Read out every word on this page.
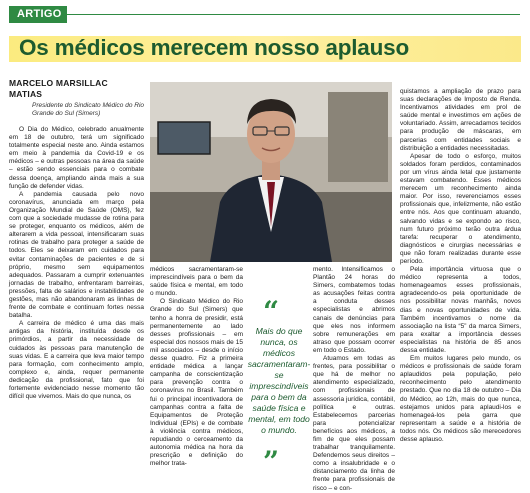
ARTIGO
Os médicos merecem nosso aplauso
MARCELO MARSILLAC MATIAS
Presidente do Sindicato Médico do Rio Grande do Sul (Simers)

O Dia do Médico, celebrado anualmente em 18 de outubro, terá um significado totalmente especial neste ano. Ainda estamos em meio à pandemia da Covid-19 e os médicos – e outras pessoas na área da saúde – estão sendo essenciais para o combate dessa doença, ampliando ainda mais a sua função de defender vidas.

A pandemia causada pelo novo coronavírus, anunciada em março pela Organização Mundial de Saúde (OMS), fez com que a sociedade mudasse de rotina para se proteger, enquanto os médicos, além de alterarem a vida pessoal, intensificaram suas rotinas de trabalho para proteger a saúde de todos. Eles se deixaram em cuidados para evitar contaminações de pacientes e de si próprio, mesmo sem equipamentos adequados. Passaram a cumprir extenuantes jornadas de trabalho, enfrentaram barreiras, pressões, falta de salários e instabilidades de gestões, mas não abandonaram as linhas de frente de combate e continuam fortes nessa batalha.

A carreira de médico é uma das mais antigas da história, instituída desde os primórdios, a partir da necessidade de cuidados às pessoas para manutenção de suas vidas. E a carreira que leva maior tempo para formação, com conhecimento amplo, complexo e, ainda, requer permanente dedicação da profissional, fato que foi fortemente evidenciado nesse momento tão difícil que vivemos. Mais do que nunca, os

médicos sacramentaram-se imprescindíveis para o bem da saúde física e mental, em todo o mundo.

O Sindicato Médico do Rio Grande do Sul (Simers) que tenho a honra de presidir, está permanentemente ao lado desses profissionais – em especial dos nossos mais de 15 mil associados – desde o início desse quadro. Fiz a primeira entidade médica a lançar campanha de conscientização para prevenção contra o coronavírus no Brasil. Também fui o principal incentivadora de campanhas contra a falta de Equipamentos de Proteção Individual (EPIs) e de combate à violência contra médicos, repudiando o cerceamento da autonomia médica na hora da prescrição e definição do melhor trata-

“
Mais do que nunca, os médicos sacramentaram-se imprescindíveis para o bem da saúde física e mental, em todo o mundo.
”

mento. Intensificamos o Plantão 24 horas do Simers, combatemos todas as acusações feitas contra a conduta desses especialistas e abrimos canais de denúncias para que eles nos informem sobre remunerações em atraso que possam ocorrer em todo o Estado.

Atuamos em todas as frentes, para possibilitar o que há de melhor no atendimento especializado, com profissionais de assessoria jurídica, contábil, política e outras. Estabelecemos parcerias para potencializar benefícios aos médicos, a fim de que eles possam trabalhar tranquilamente. Defendemos seus direitos – como a insalubridade e o distanciamento da linha de frente para profissionais de risco – e con-

quistamos a ampliação de prazo para suas declarações de Imposto de Renda. Incentivamos atividades em prol de saúde mental e investimos em ações de voluntariado. Assim, arrecadamos tecidos para produção de máscaras, em parcerias com entidades sociais e distribuição a entidades necessitadas.

Apesar de todo o esforço, muitos soldados foram perdidos, contaminados por um vírus ainda letal que justamente estavam combatendo. Esses médicos merecem um reconhecimento ainda maior. Por isso, reverenciamos esses profissionais que, infelizmente, não estão entre nós. Aos que continuam atuando, salvando vidas e se expondo ao risco, num futuro próximo terão outra árdua tarefa: recuperar o atendimento, diagnósticos e cirurgias necessárias e que não foram realizadas durante esse período.

Pela importância virtuosa que o médico representa a todos, homenageamos esses profissionais, agradecendo-os pela oportunidade de nos possibilitar novas manhãs, novos dias e novas oportunidades de vida. Também incentivamos o nome da associação na lista “5” da marca Simers, para exaltar a importância desses especialistas na história de 85 anos dessa entidade.

Em muitos lugares pelo mundo, os médicos e profissionais de saúde foram aplaudidos pela população, pelo reconhecimento pelo atendimento prestado. Que no dia 18 de outubro – Dia do Médico, ao 12h, mais do que nunca, estejamos unidos para aplaudi-los e homenageá-los pela garra que representam a saúde e a história de todos nós. Os médicos são merecedores desse aplauso.
